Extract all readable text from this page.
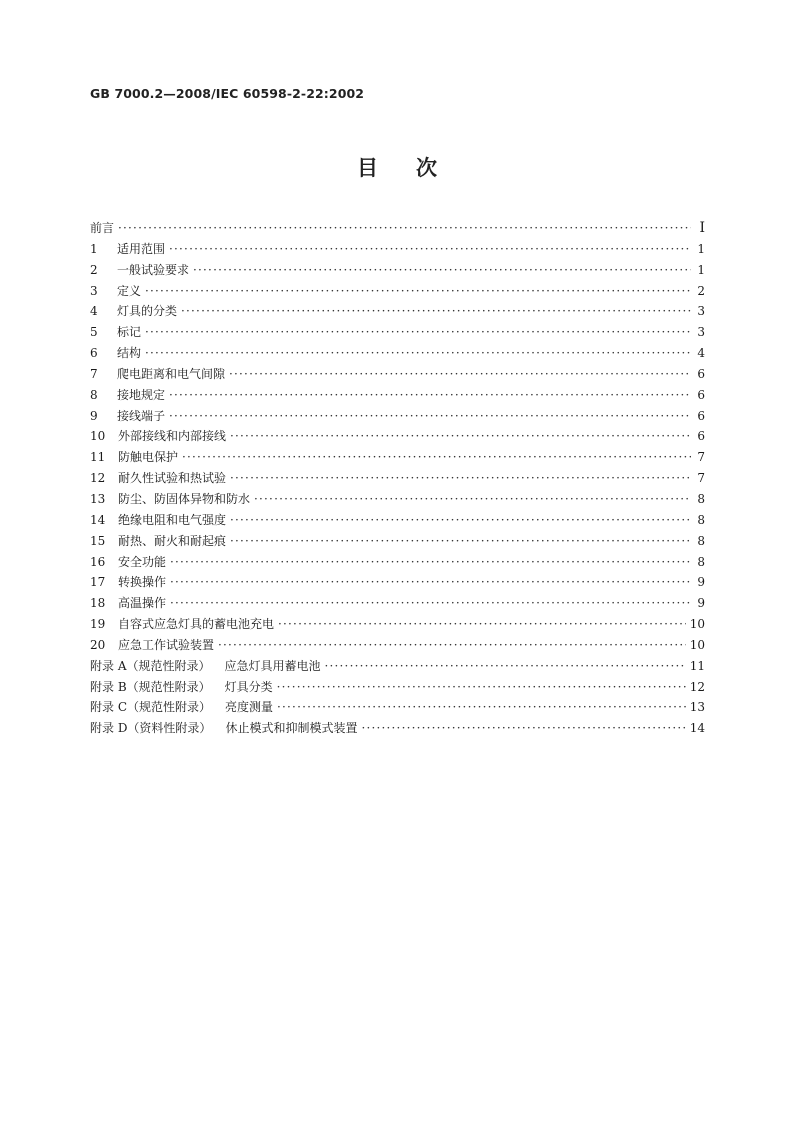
GB 7000.2—2008/IEC 60598-2-22:2002
目次
前言 ·····	Ⅰ
1	适用范围 ·····	1
2	一般试验要求 ·····	1
3	定义 ·····	2
4	灯具的分类 ·····	3
5	标记 ·····	3
6	结构 ·····	4
7	爬电距离和电气间隙 ·····	6
8	接地规定 ·····	6
9	接线端子 ·····	6
10	外部接线和内部接线 ·····	6
11	防触电保护 ·····	7
12	耐久性试验和热试验 ·····	7
13	防尘、防固体异物和防水 ·····	8
14	绝缘电阻和电气强度 ·····	8
15	耐热、耐火和耐起痕 ·····	8
16	安全功能 ·····	8
17	转换操作 ·····	9
18	高温操作 ·····	9
19	自容式应急灯具的蓄电池充电 ·····	10
20	应急工作试验装置 ·····	10
附录 A（规范性附录） 应急灯具用蓄电池 ·····	11
附录 B（规范性附录） 灯具分类 ·····	12
附录 C（规范性附录） 亮度测量 ·····	13
附录 D（资料性附录） 休止模式和抑制模式装置 ·····	14
